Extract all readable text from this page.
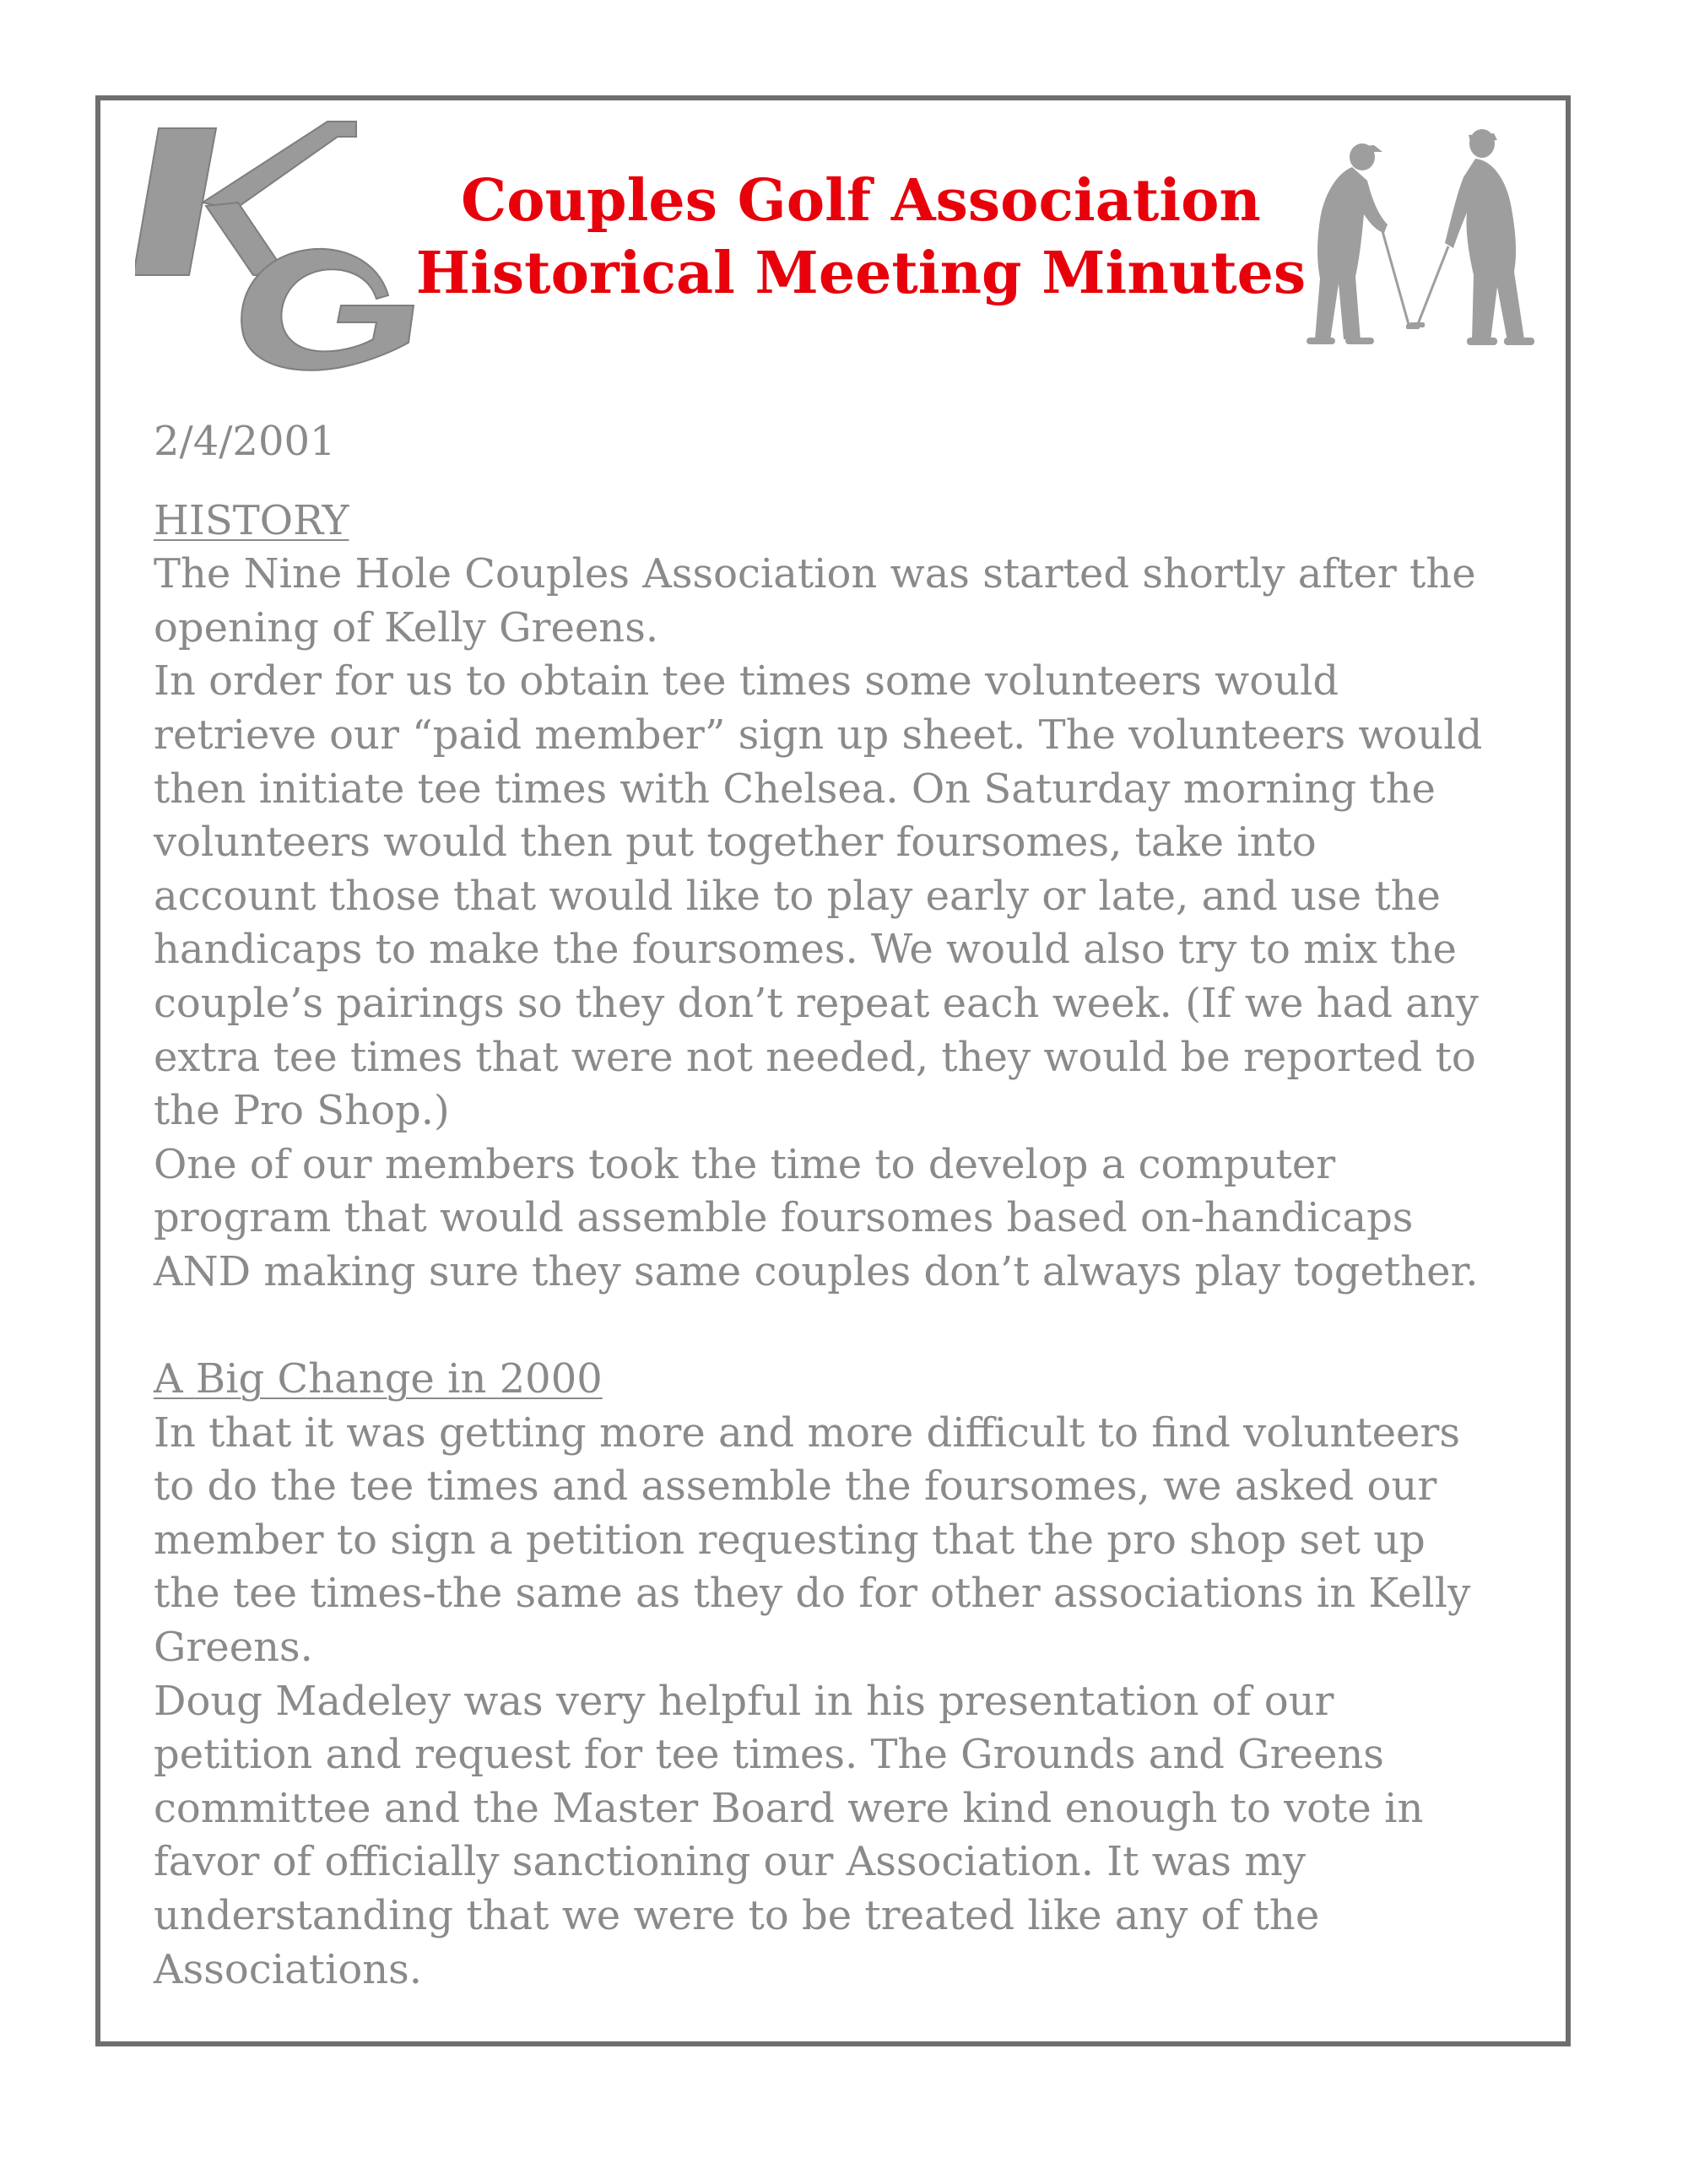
Couples Golf Association
Historical Meeting Minutes

2/4/2001

HISTORY

The Nine Hole Couples Association was started shortly after the

opening of Kelly Greens.

In order for us to obtain tee times some volunteers would

retrieve our “paid member” sign up sheet. The volunteers would

then initiate tee times with Chelsea. On Saturday morning the

volunteers would then put together foursomes, take into

account those that would like to play early or late, and use the

handicaps to make the foursomes. We would also try to mix the

couple’s pairings so they don’t repeat each week. (If we had any

extra tee times that were not needed, they would be reported to

the Pro Shop.)

One of our members took the time to develop a computer

program that would assemble foursomes based on-handicaps

AND making sure they same couples don’t always play together.

A Big Change in 2000

In that it was getting more and more difficult to find volunteers

to do the tee times and assemble the foursomes, we asked our

member to sign a petition requesting that the pro shop set up

the tee times-the same as they do for other associations in Kelly

Greens.

Doug Madeley was very helpful in his presentation of our

petition and request for tee times. The Grounds and Greens

committee and the Master Board were kind enough to vote in

favor of officially sanctioning our Association. It was my

understanding that we were to be treated like any of the

Associations.
